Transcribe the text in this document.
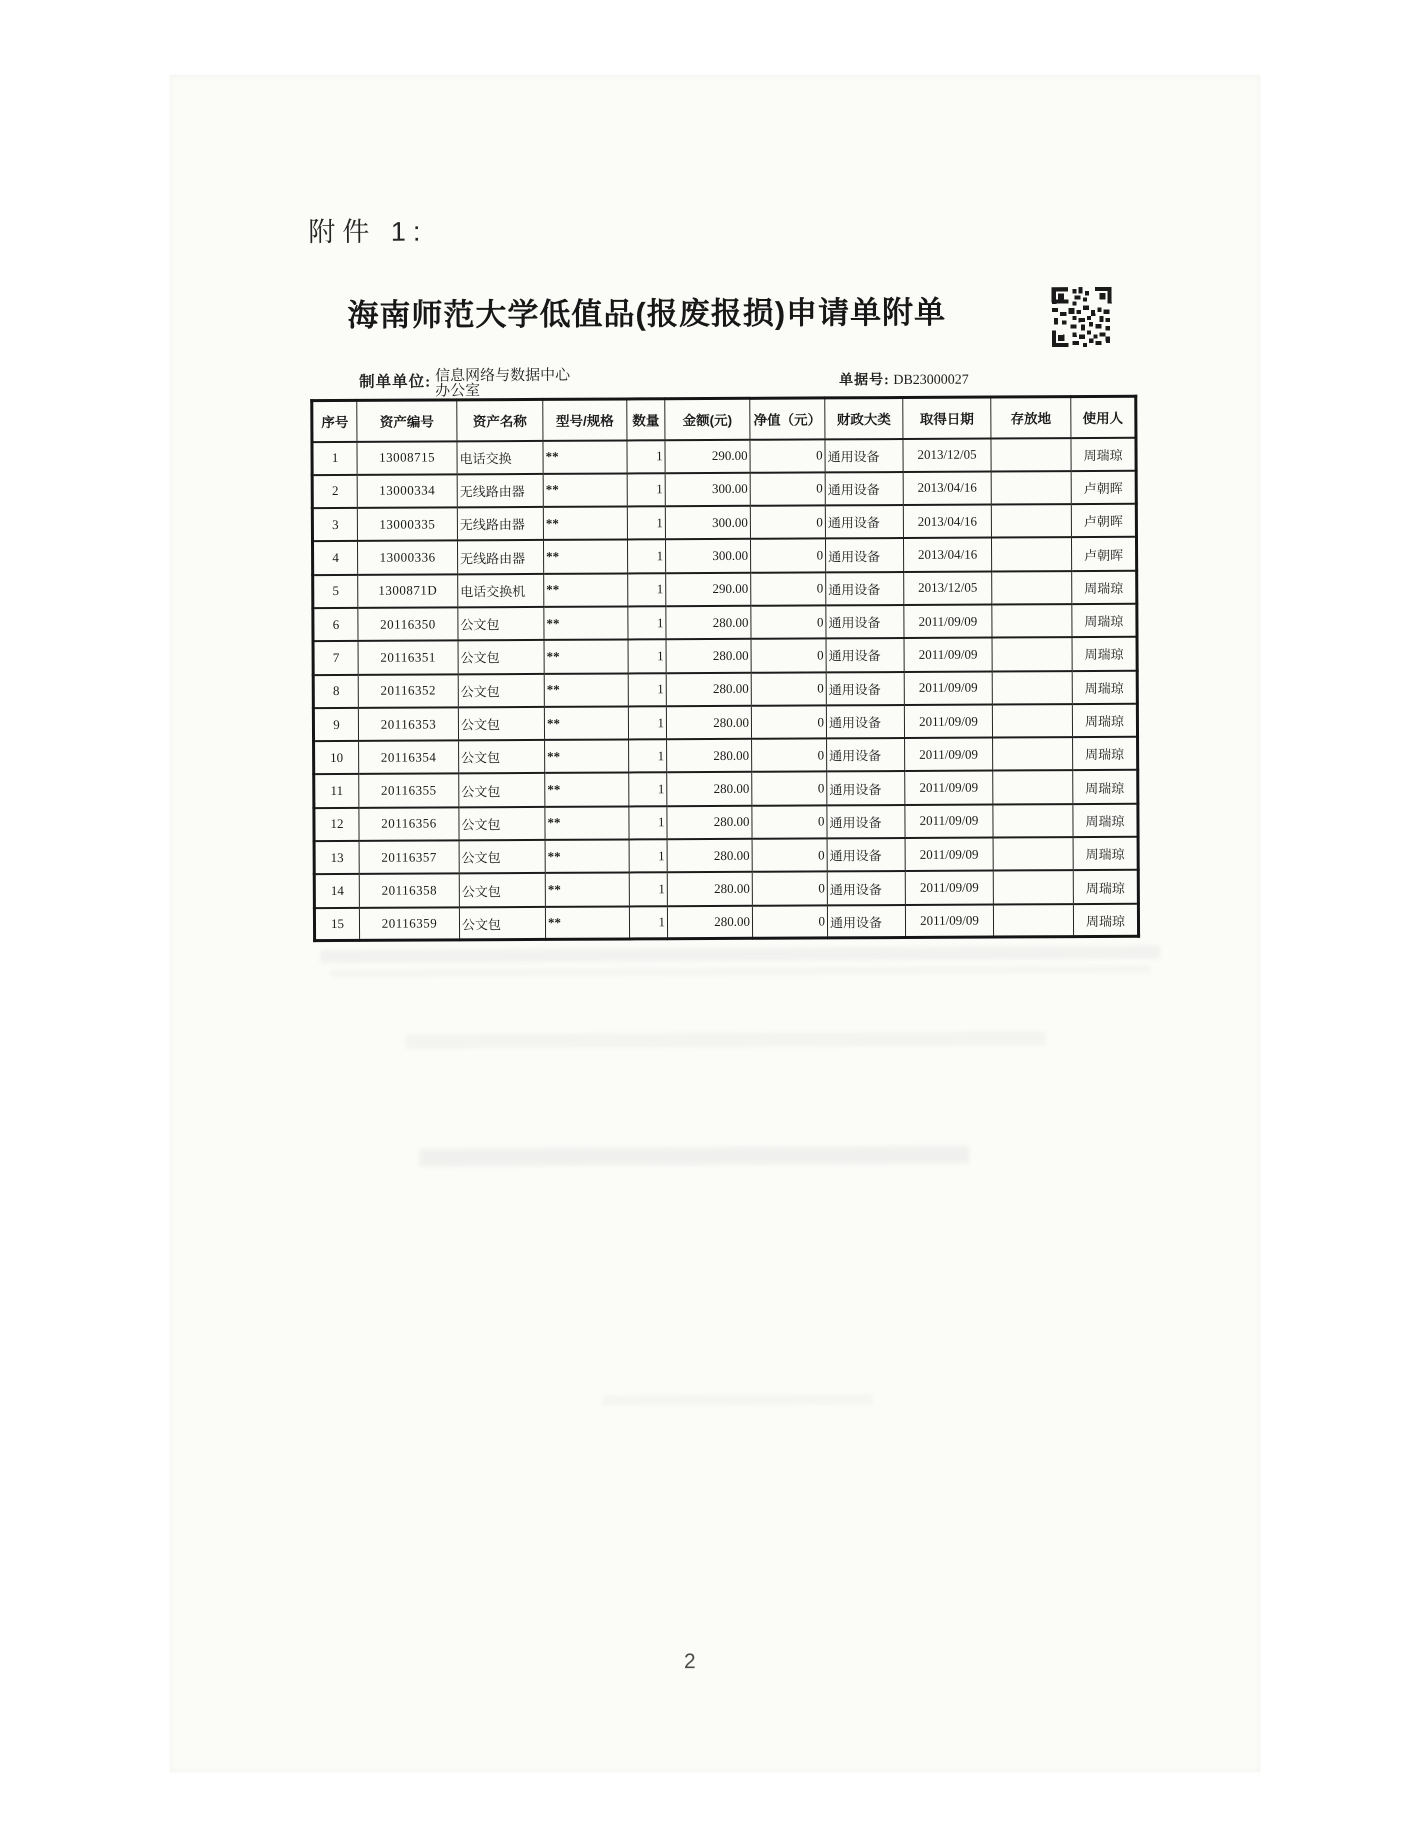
附件 1:
海南师范大学低值品(报废报损)申请单附单
制单单位: 信息网络与数据中心
办公室
单据号: DB23000027
序号	资产编号	资产名称	型号/规格	数量	金额(元)	净值（元）	财政大类	取得日期	存放地	使用人
1	13008715	电话交换	**	1	290.00	0	通用设备	2013/12/05		周瑞琼
2	13000334	无线路由器	**	1	300.00	0	通用设备	2013/04/16		卢朝晖
3	13000335	无线路由器	**	1	300.00	0	通用设备	2013/04/16		卢朝晖
4	13000336	无线路由器	**	1	300.00	0	通用设备	2013/04/16		卢朝晖
5	1300871D	电话交换机	**	1	290.00	0	通用设备	2013/12/05		周瑞琼
6	20116350	公文包	**	1	280.00	0	通用设备	2011/09/09		周瑞琼
7	20116351	公文包	**	1	280.00	0	通用设备	2011/09/09		周瑞琼
8	20116352	公文包	**	1	280.00	0	通用设备	2011/09/09		周瑞琼
9	20116353	公文包	**	1	280.00	0	通用设备	2011/09/09		周瑞琼
10	20116354	公文包	**	1	280.00	0	通用设备	2011/09/09		周瑞琼
11	20116355	公文包	**	1	280.00	0	通用设备	2011/09/09		周瑞琼
12	20116356	公文包	**	1	280.00	0	通用设备	2011/09/09		周瑞琼
13	20116357	公文包	**	1	280.00	0	通用设备	2011/09/09		周瑞琼
14	20116358	公文包	**	1	280.00	0	通用设备	2011/09/09		周瑞琼
15	20116359	公文包	**	1	280.00	0	通用设备	2011/09/09		周瑞琼
2
